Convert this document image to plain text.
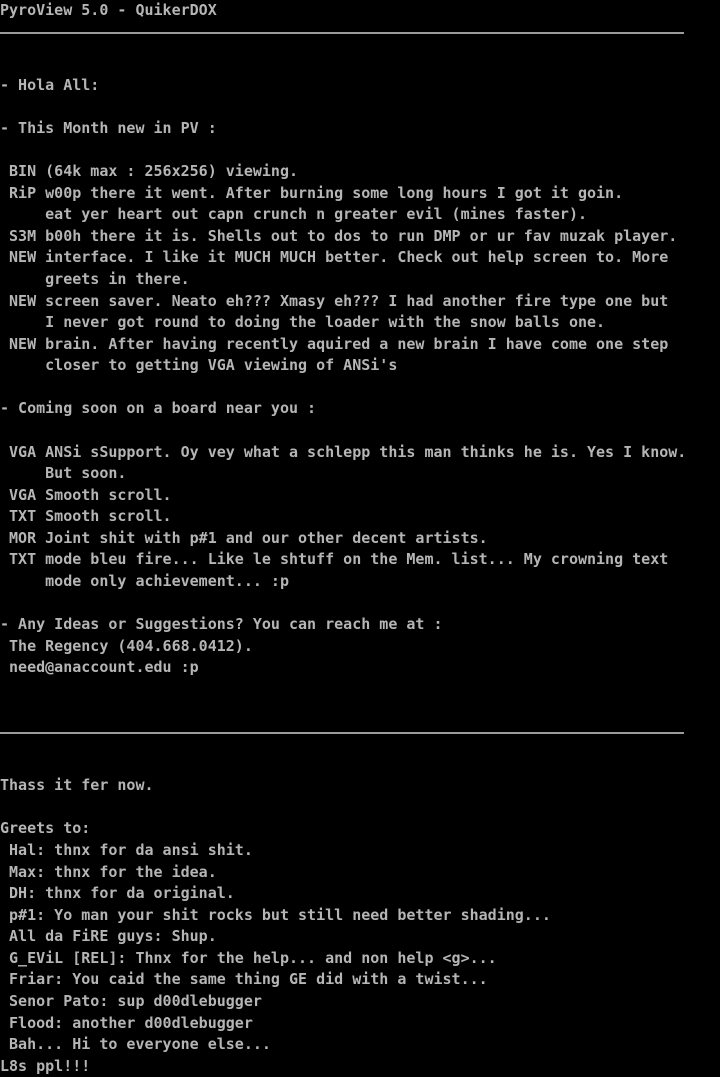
PyroView 5.0 - QuikerDOX
- Hola All:
- This Month new in PV :
BIN (64k max : 256x256) viewing.
RiP w00p there it went. After burning some long hours I got it goin.
eat yer heart out capn crunch n greater evil (mines faster).
S3M b00h there it is. Shells out to dos to run DMP or ur fav muzak player.
NEW interface. I like it MUCH MUCH better. Check out help screen to. More
greets in there.
NEW screen saver. Neato eh??? Xmasy eh??? I had another fire type one but
I never got round to doing the loader with the snow balls one.
NEW brain. After having recently aquired a new brain I have come one step
closer to getting VGA viewing of ANSi's
- Coming soon on a board near you :
VGA ANSi sSupport. Oy vey what a schlepp this man thinks he is. Yes I know.
But soon.
VGA Smooth scroll.
TXT Smooth scroll.
MOR Joint shit with p#1 and our other decent artists.
TXT mode bleu fire... Like le shtuff on the Mem. list... My crowning text
mode only achievement... :p
- Any Ideas or Suggestions? You can reach me at :
The Regency (404.668.0412).
need@anaccount.edu :p
Thass it fer now.
Greets to:
Hal: thnx for da ansi shit.
Max: thnx for the idea.
DH: thnx for da original.
p#1: Yo man your shit rocks but still need better shading...
All da FiRE guys: Shup.
G_EViL [REL]: Thnx for the help... and non help <g>...
Friar: You caid the same thing GE did with a twist...
Senor Pato: sup d00dlebugger
Flood: another d00dlebugger
Bah... Hi to everyone else...
L8s ppl!!!
